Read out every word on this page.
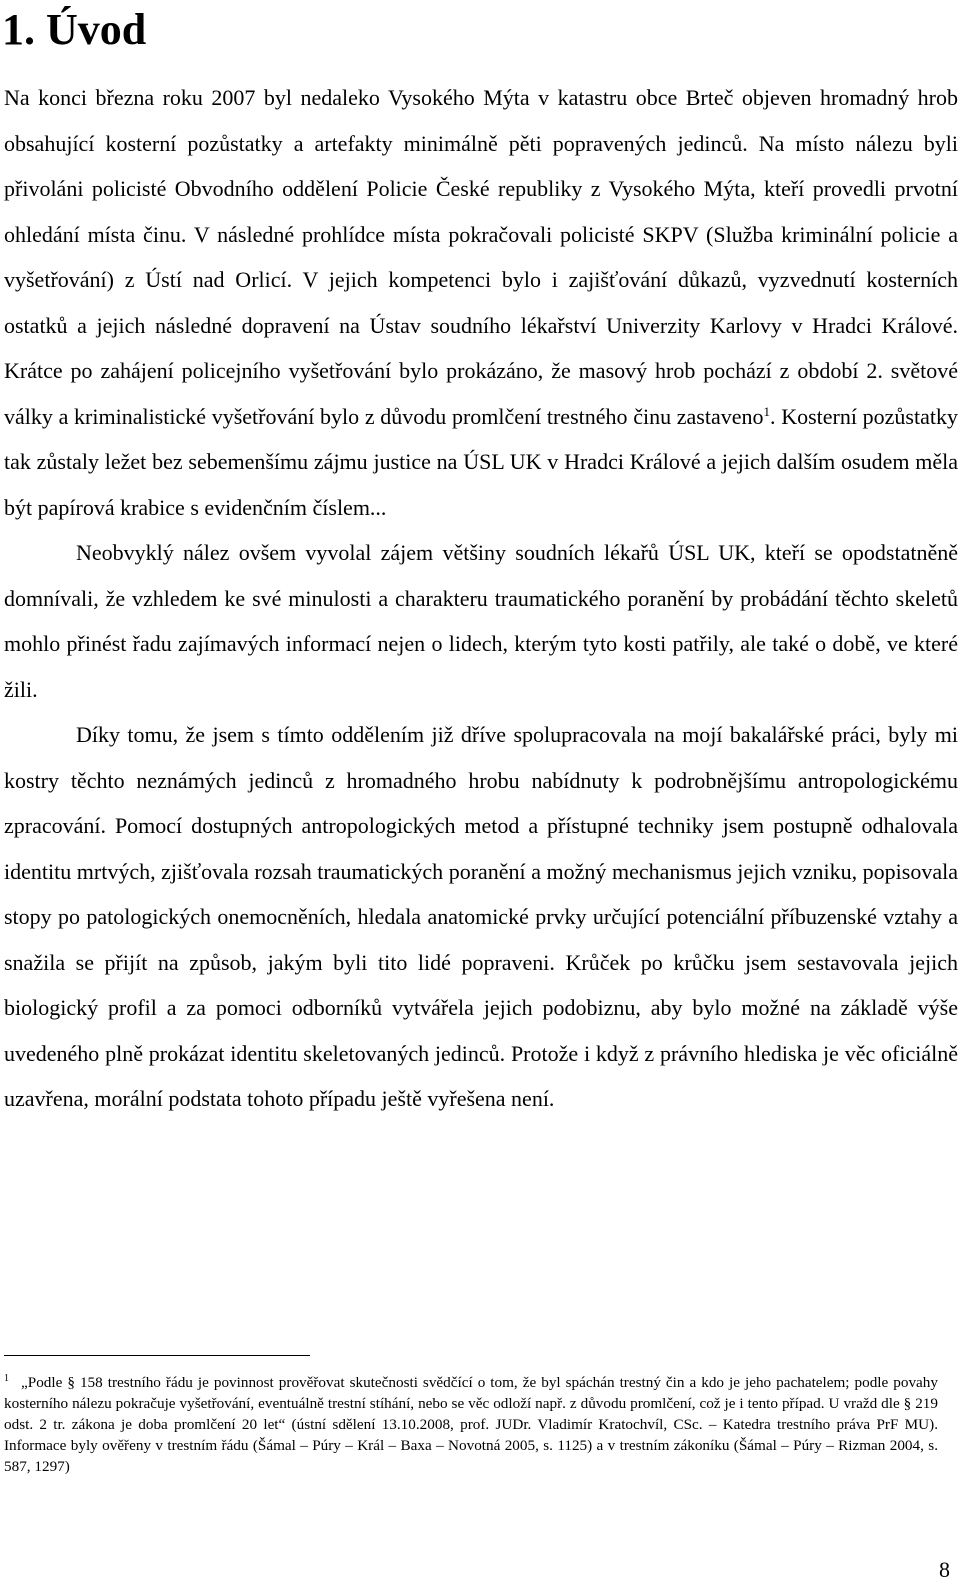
1. Úvod

Na konci března roku 2007 byl nedaleko Vysokého Mýta v katastru obce Brteč objeven hromadný hrob obsahující kosterní pozůstatky a artefakty minimálně pěti popravených jedinců. Na místo nálezu byli přivoláni policisté Obvodního oddělení Policie České republiky z Vysokého Mýta, kteří provedli prvotní ohledání místa činu. V následné prohlídce místa pokračovali policisté SKPV (Služba kriminální policie a vyšetřování) z Ústí nad Orlicí. V jejich kompetenci bylo i zajišťování důkazů, vyzvednutí kosterních ostatků a jejich následné dopravení na Ústav soudního lékařství Univerzity Karlovy v Hradci Králové. Krátce po zahájení policejního vyšetřování bylo prokázáno, že masový hrob pochází z období 2. světové války a kriminalistické vyšetřování bylo z důvodu promlčení trestného činu zastaveno$^1$. Kosterní pozůstatky tak zůstaly ležet bez sebemenšímu zájmu justice na ÚSL UK v Hradci Králové a jejich dalším osudem měla být papírová krabice s evidenčním číslem...

Neobvyklý nález ovšem vyvolal zájem většiny soudních lékařů ÚSL UK, kteří se opodstatněně domnívali, že vzhledem ke své minulosti a charakteru traumatického poranění by probádání těchto skeletů mohlo přinést řadu zajímavých informací nejen o lidech, kterým tyto kosti patřily, ale také o době, ve které žili.

Díky tomu, že jsem s tímto oddělením již dříve spolupracovala na mojí bakalářské práci, byly mi kostry těchto neznámých jedinců z hromadného hrobu nabídnuty k podrobnějšímu antropologickému zpracování. Pomocí dostupných antropologických metod a přístupné techniky jsem postupně odhalovala identitu mrtvých, zjišťovala rozsah traumatických poranění a možný mechanismus jejich vzniku, popisovala stopy po patologických onemocněních, hledala anatomické prvky určující potenciální příbuzenské vztahy a snažila se přijít na způsob, jakým byli tito lidé popraveni. Krůček po krůčku jsem sestavovala jejich biologický profil a za pomoci odborníků vytvářela jejich podobiznu, aby bylo možné na základě výše uvedeného plně prokázat identitu skeletovaných jedinců. Protože i když z právního hlediska je věc oficiálně uzavřena, morální podstata tohoto případu ještě vyřešena není.

$^1$ „Podle § 158 trestního řádu je povinnost prověřovat skutečnosti svědčící o tom, že byl spáchán trestný čin a kdo je jeho pachatelem; podle povahy kosterního nálezu pokračuje vyšetřování, eventuálně trestní stíhání, nebo se věc odloží např. z důvodu promlčení, což je i tento případ. U vražd dle § 219 odst. 2 tr. zákona je doba promlčení 20 let“ (ústní sdělení 13.10.2008, prof. JUDr. Vladimír Kratochvíl, CSc. – Katedra trestního práva PrF MU). Informace byly ověřeny v trestním řádu (Šámal – Púry – Král – Baxa – Novotná 2005, s. 1125) a v trestním zákoníku (Šámal – Púry – Rizman 2004, s. 587, 1297)
8
